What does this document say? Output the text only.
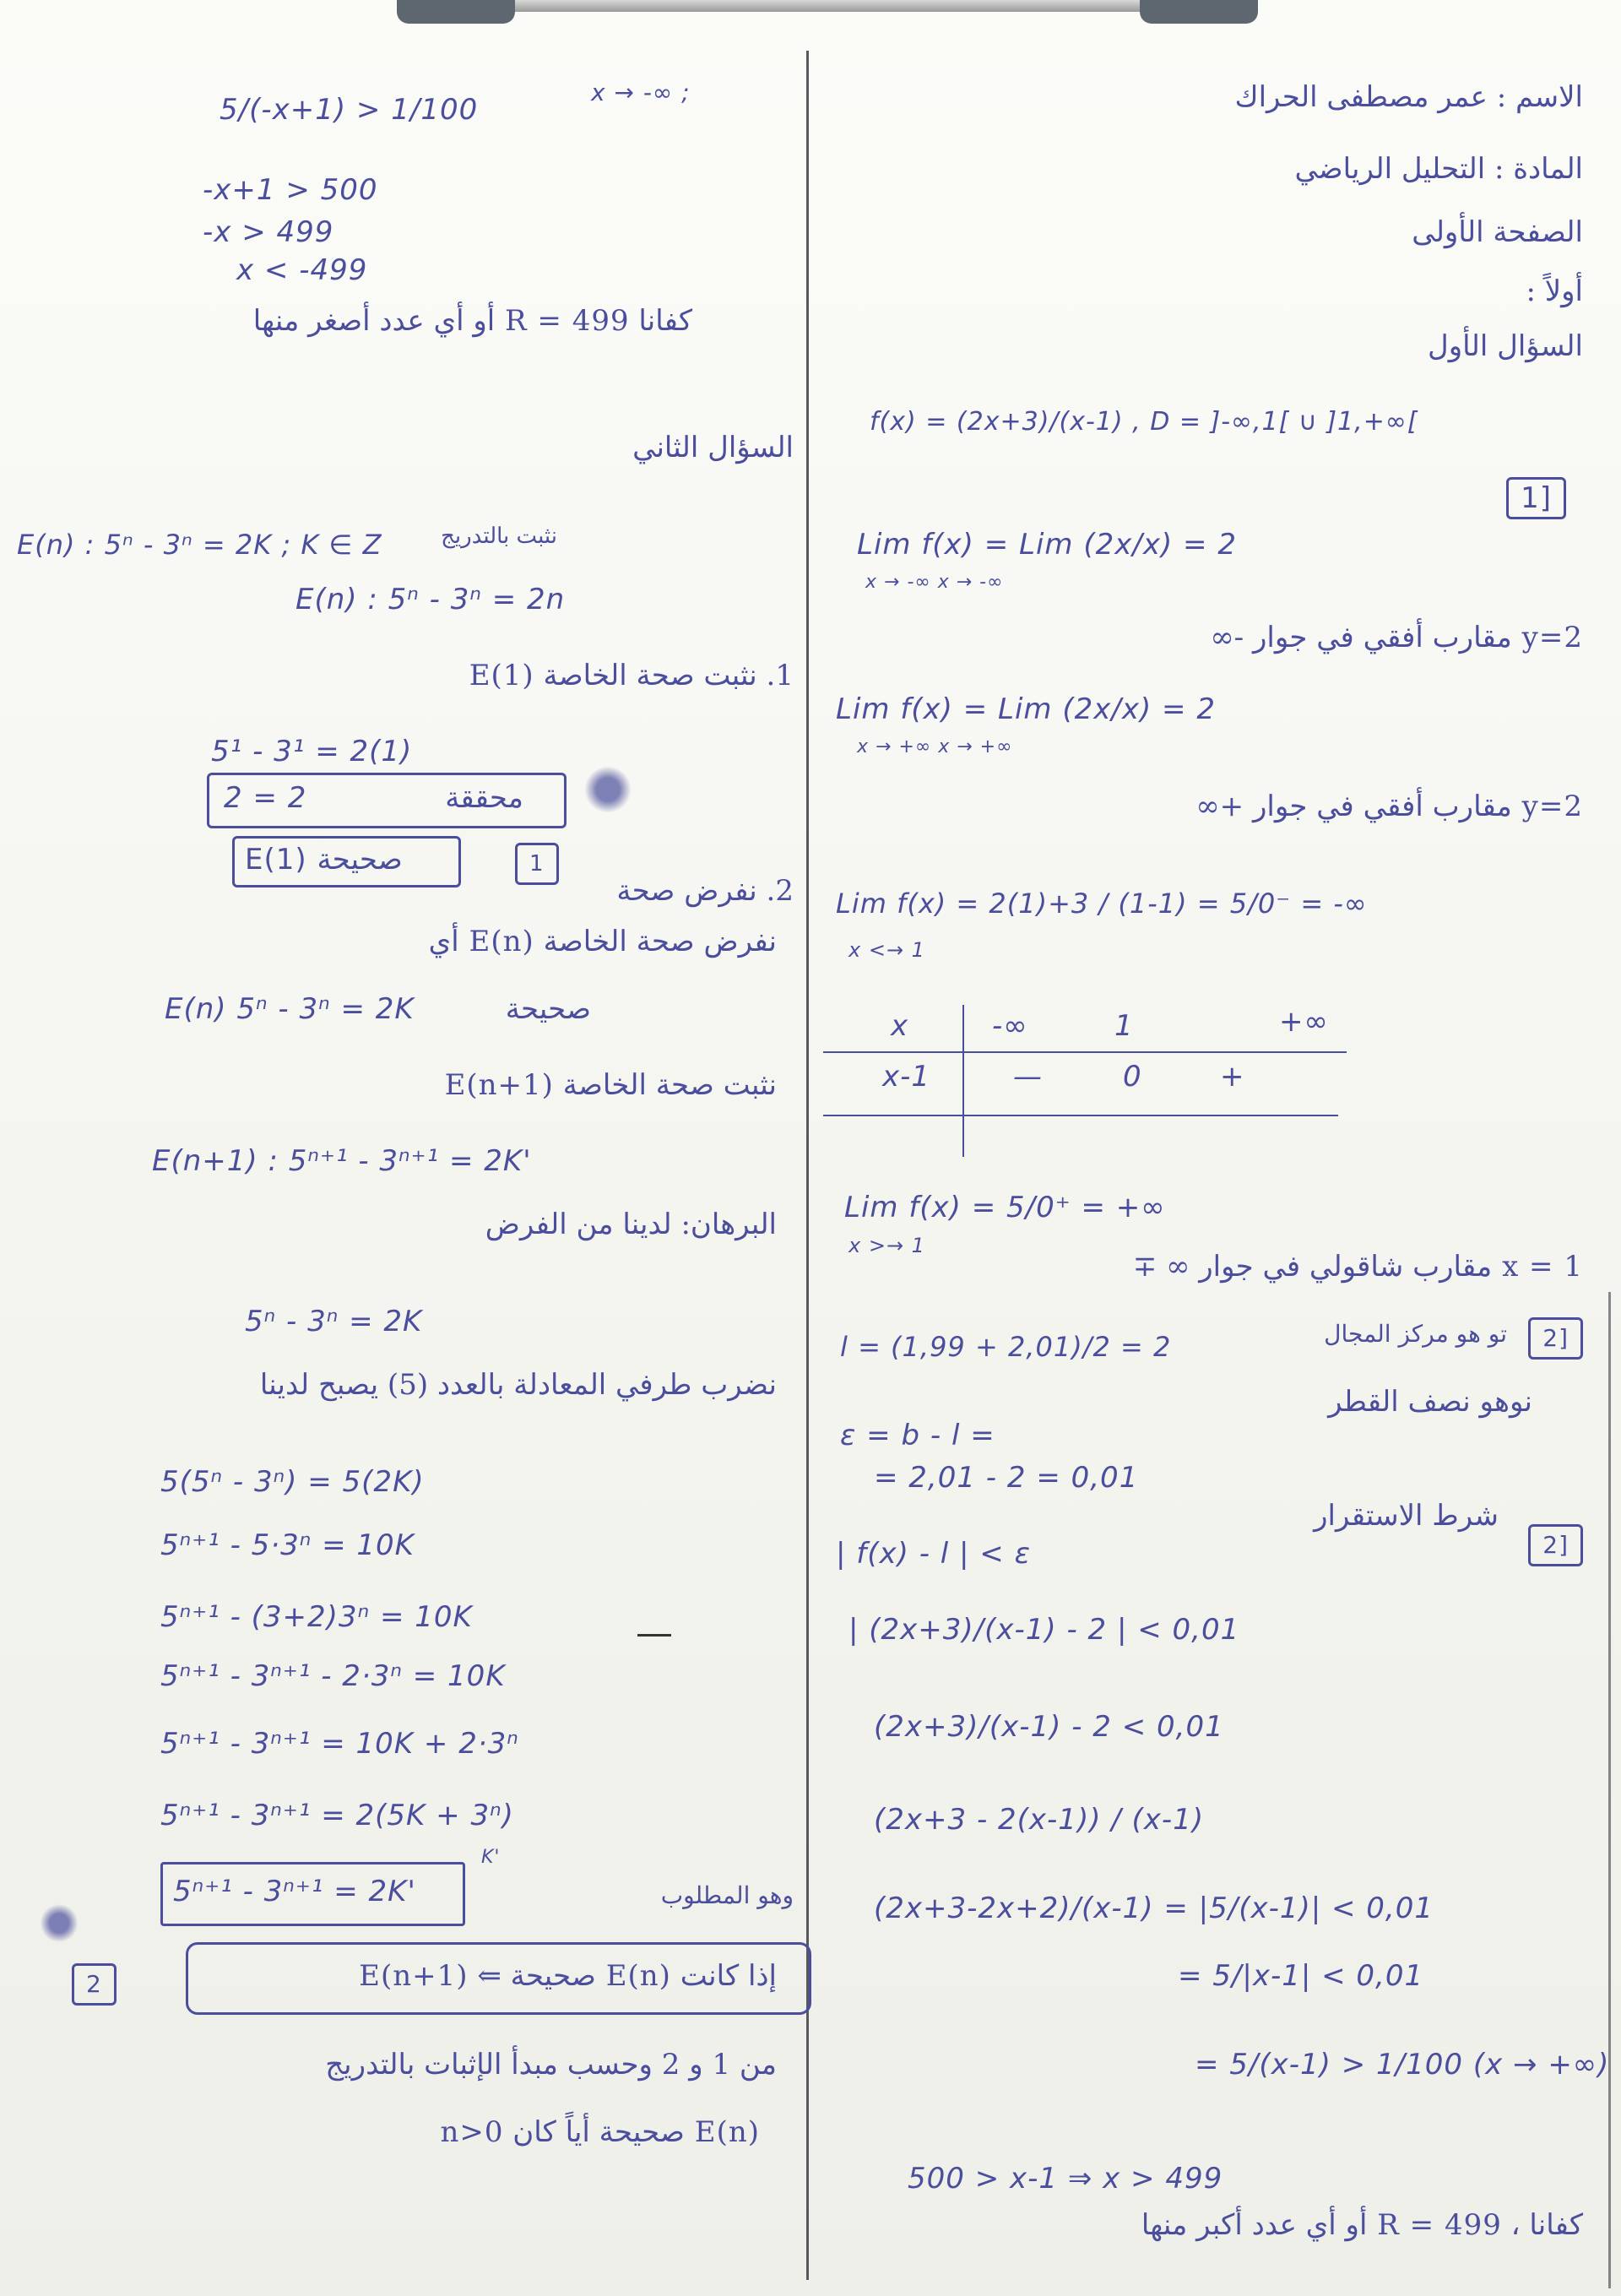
الاسم : عمر مصطفى الحراك
المادة : التحليل الرياضي
الصفحة الأولى
أولاً :
السؤال الأول
f(x) = (2x+3)/(x-1) , D = ]-∞,1[ ∪ ]1,+∞[
1]
Lim f(x) = Lim (2x/x) = 2
x → -∞ x → -∞
y=2 مقارب أفقي في جوار -∞
Lim f(x) = Lim (2x/x) = 2
x → +∞ x → +∞
y=2 مقارب أفقي في جوار +∞
Lim f(x) = 2(1)+3 / (1-1) = 5/0⁻ = -∞
x <→ 1
x	-∞	1	+∞
x-1	—	0	+
Lim f(x) = 5/0⁺ = +∞
x >→ 1
x = 1 مقارب شاقولي في جوار ∞ ∓
2]
l = (1,99 + 2,01)/2 = 2	تو هو مركز المجال
نوهو نصف القطر
ε = b - l =
= 2,01 - 2 = 0,01
شرط الاستقرار
2]
| f(x) - l | < ε
| (2x+3)/(x-1) - 2 | < 0,01
(2x+3)/(x-1) - 2 < 0,01
(2x+3 - 2(x-1)) / (x-1)
(2x+3-2x+2)/(x-1) = |5/(x-1)| < 0,01
= 5/|x-1| < 0,01
= 5/(x-1) > 1/100 (x → +∞)
500 > x-1 ⇒ x > 499
كفانا ، R = 499 أو أي عدد أكبر منها
5/(-x+1) > 1/100
x → -∞ ;
-x+1 > 500
-x > 499
x < -499
كفانا R = 499 أو أي عدد أصغر منها
السؤال الثاني
نثبت بالتدريج
E(n) : 5ⁿ - 3ⁿ = 2K ; K ∈ Z
E(n) : 5ⁿ - 3ⁿ = 2n
1. نثبت صحة الخاصة E(1)
5¹ - 3¹ = 2(1)
2 = 2	محققة
E(1) صحيحة	1
2. نفرض صحة
نفرض صحة الخاصة E(n) أي
E(n) 5ⁿ - 3ⁿ = 2K	صحيحة
نثبت صحة الخاصة E(n+1)
E(n+1) : 5ⁿ⁺¹ - 3ⁿ⁺¹ = 2K'
البرهان: لدينا من الفرض
5ⁿ - 3ⁿ = 2K
نضرب طرفي المعادلة بالعدد (5) يصبح لدينا
5(5ⁿ - 3ⁿ) = 5(2K)
5ⁿ⁺¹ - 5·3ⁿ = 10K
5ⁿ⁺¹ - (3+2)3ⁿ = 10K
5ⁿ⁺¹ - 3ⁿ⁺¹ - 2·3ⁿ = 10K
5ⁿ⁺¹ - 3ⁿ⁺¹ = 10K + 2·3ⁿ
5ⁿ⁺¹ - 3ⁿ⁺¹ = 2(5K + 3ⁿ)
K'
5ⁿ⁺¹ - 3ⁿ⁺¹ = 2K'	وهو المطلوب
2	إذا كانت E(n) صحيحة ⇐ E(n+1)
من 1 و 2 وحسب مبدأ الإثبات بالتدريج
E(n) صحيحة أياً كان n>0
